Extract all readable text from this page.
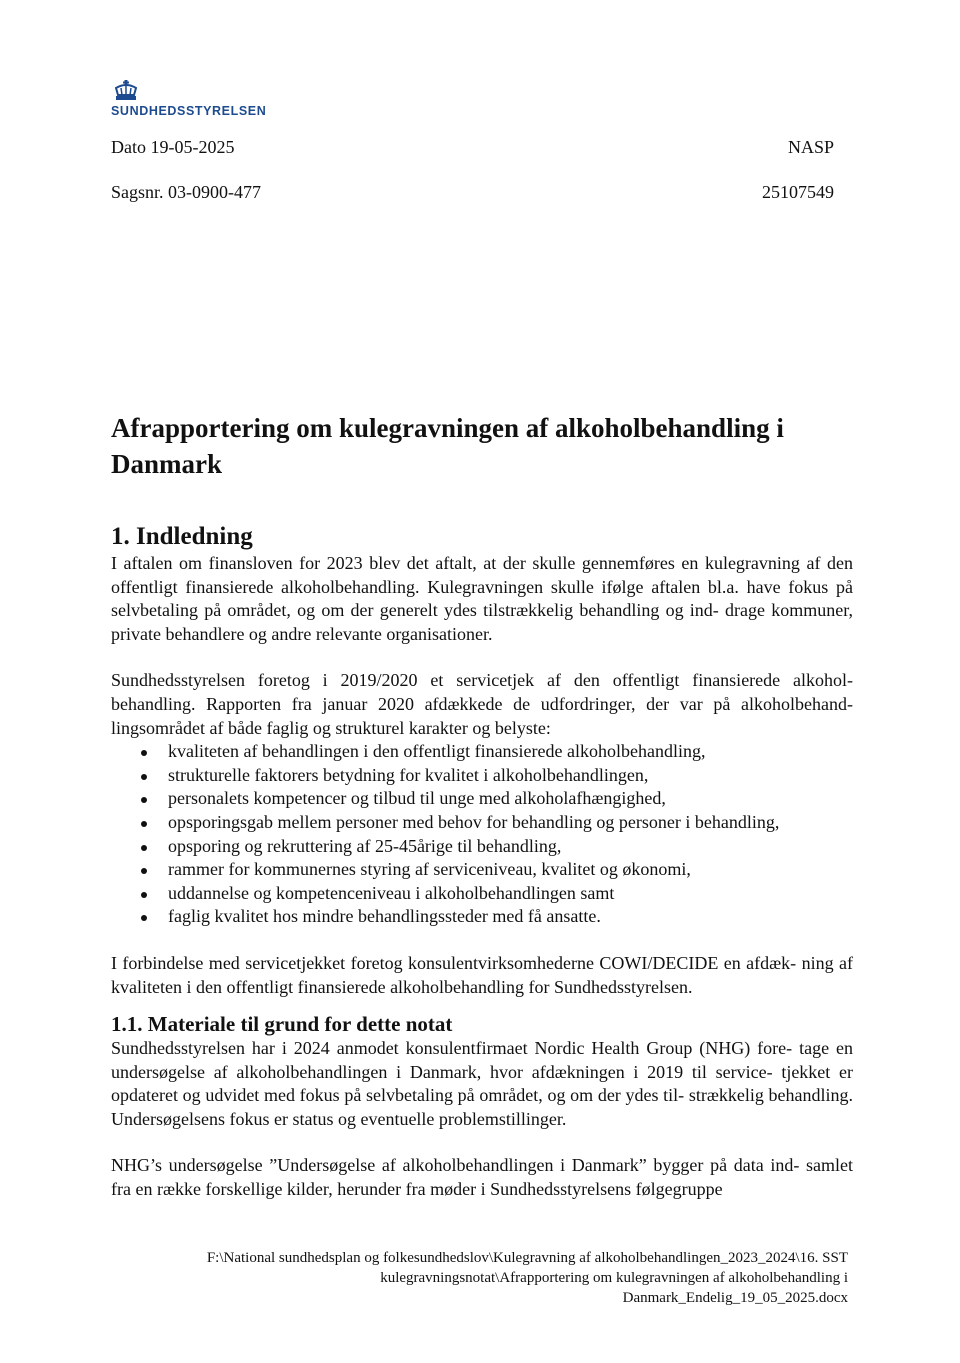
SUNDHEDSSTYRELSEN
Dato 19-05-2025	NASP
Sagsnr. 03-0900-477	25107549
Afrapportering om kulegravningen af alkoholbehandling i
Danmark
1. Indledning

I aftalen om finansloven for 2023 blev det aftalt, at der skulle gennemføres en kulegravning af den offentligt finansierede alkoholbehandling. Kulegravningen skulle ifølge aftalen bl.a. have fokus på selvbetaling på området, og om der generelt ydes tilstrækkelig behandling og ind- drage kommuner, private behandlere og andre relevante organisationer.

Sundhedsstyrelsen foretog i 2019/2020 et servicetjek af den offentligt finansierede alkohol- behandling. Rapporten fra januar 2020 afdækkede de udfordringer, der var på alkoholbehand- lingsområdet af både faglig og strukturel karakter og belyste:

kvaliteten af behandlingen i den offentligt finansierede alkoholbehandling,
strukturelle faktorers betydning for kvalitet i alkoholbehandlingen,
personalets kompetencer og tilbud til unge med alkoholafhængighed,
opsporingsgab mellem personer med behov for behandling og personer i behandling,
opsporing og rekruttering af 25-45årige til behandling,
rammer for kommunernes styring af serviceniveau, kvalitet og økonomi,
uddannelse og kompetenceniveau i alkoholbehandlingen samt
faglig kvalitet hos mindre behandlingssteder med få ansatte.

I forbindelse med servicetjekket foretog konsulentvirksomhederne COWI/DECIDE en afdæk- ning af kvaliteten i den offentligt finansierede alkoholbehandling for Sundhedsstyrelsen.

1.1. Materiale til grund for dette notat

Sundhedsstyrelsen har i 2024 anmodet konsulentfirmaet Nordic Health Group (NHG) fore- tage en undersøgelse af alkoholbehandlingen i Danmark, hvor afdækningen i 2019 til service- tjekket er opdateret og udvidet med fokus på selvbetaling på området, og om der ydes til- strækkelig behandling. Undersøgelsens fokus er status og eventuelle problemstillinger.

NHG’s undersøgelse ”Undersøgelse af alkoholbehandlingen i Danmark” bygger på data ind- samlet fra en række forskellige kilder, herunder fra møder i Sundhedsstyrelsens følgegruppe

F:\National sundhedsplan og folkesundhedslov\Kulegravning af alkoholbehandlingen_2023_2024\16. SST
kulegravningsnotat\Afrapportering om kulegravningen af alkoholbehandling i
Danmark_Endelig_19_05_2025.docx
